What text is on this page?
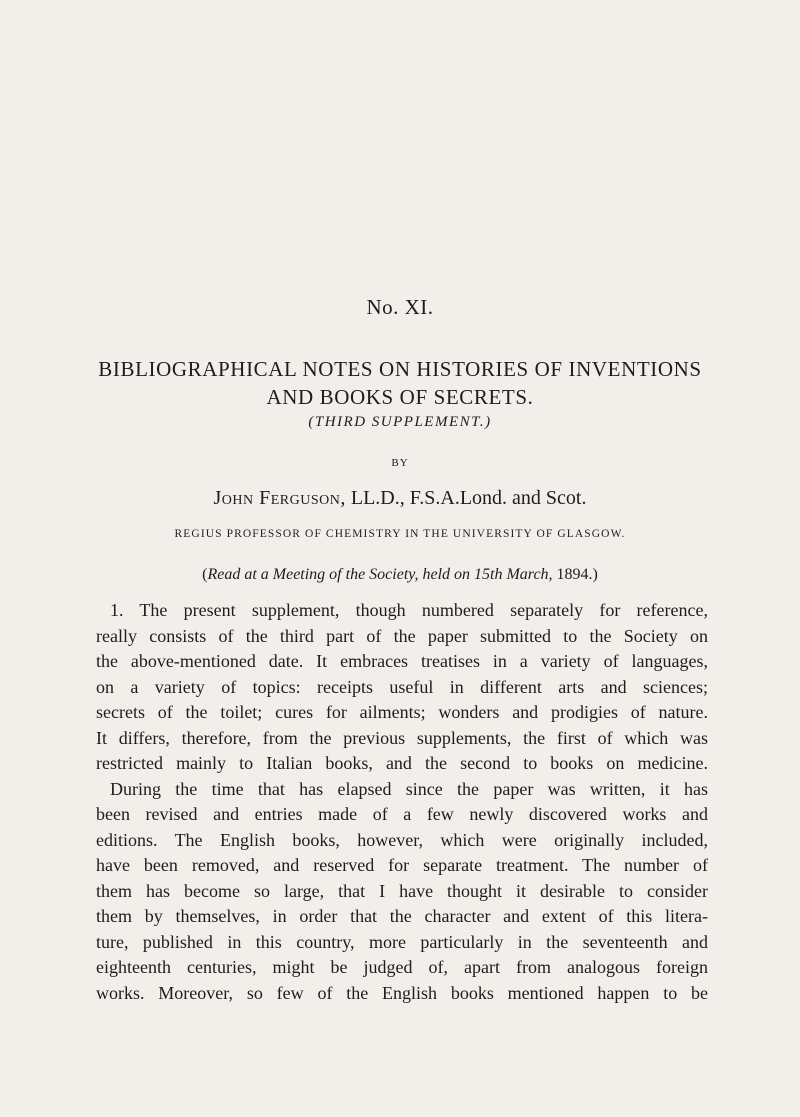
No. XI.
BIBLIOGRAPHICAL NOTES ON HISTORIES OF INVENTIONS
AND BOOKS OF SECRETS.
(THIRD SUPPLEMENT.)
BY
John Ferguson, LL.D., F.S.A.Lond. and Scot.
REGIUS PROFESSOR OF CHEMISTRY IN THE UNIVERSITY OF GLASGOW.
(Read at a Meeting of the Society, held on 15th March, 1894.)

1. The present supplement, though numbered separately for reference,
really consists of the third part of the paper submitted to the Society on
the above-mentioned date. It embraces treatises in a variety of languages,
on a variety of topics: receipts useful in different arts and sciences;
secrets of the toilet; cures for ailments; wonders and prodigies of nature.
It differs, therefore, from the previous supplements, the first of which was
restricted mainly to Italian books, and the second to books on medicine.
During the time that has elapsed since the paper was written, it has
been revised and entries made of a few newly discovered works and
editions. The English books, however, which were originally included,
have been removed, and reserved for separate treatment. The number of
them has become so large, that I have thought it desirable to consider
them by themselves, in order that the character and extent of this litera-
ture, published in this country, more particularly in the seventeenth and
eighteenth centuries, might be judged of, apart from analogous foreign
works. Moreover, so few of the English books mentioned happen to be
